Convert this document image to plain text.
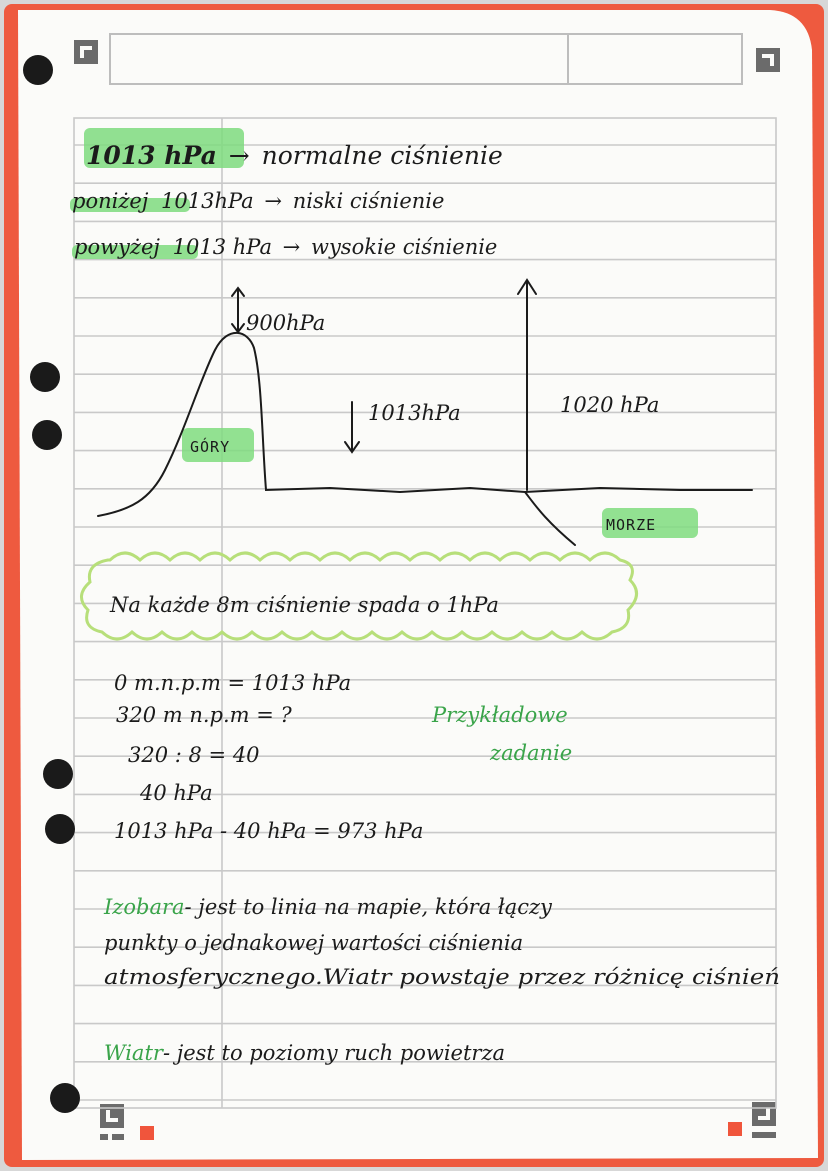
1013 hPa → normalne ciśnienie
poniżej 1013hPa → niski ciśnienie
powyżej 1013 hPa → wysokie ciśnienie
900hPa
GÓRY
1013hPa	1020 hPa
MORZE
Na każde 8m ciśnienie spada o 1hPa
0 m.n.p.m = 1013 hPa
320 m n.p.m = ?
320 : 8 = 40
40 hPa
1013 hPa - 40 hPa = 973 hPa
Przykładowe
zadanie
Izobara- jest to linia na mapie, która łączy
punkty o jednakowej wartości ciśnienia
atmosferycznego.Wiatr powstaje przez różnicę ciśnień
Wiatr- jest to poziomy ruch powietrza
